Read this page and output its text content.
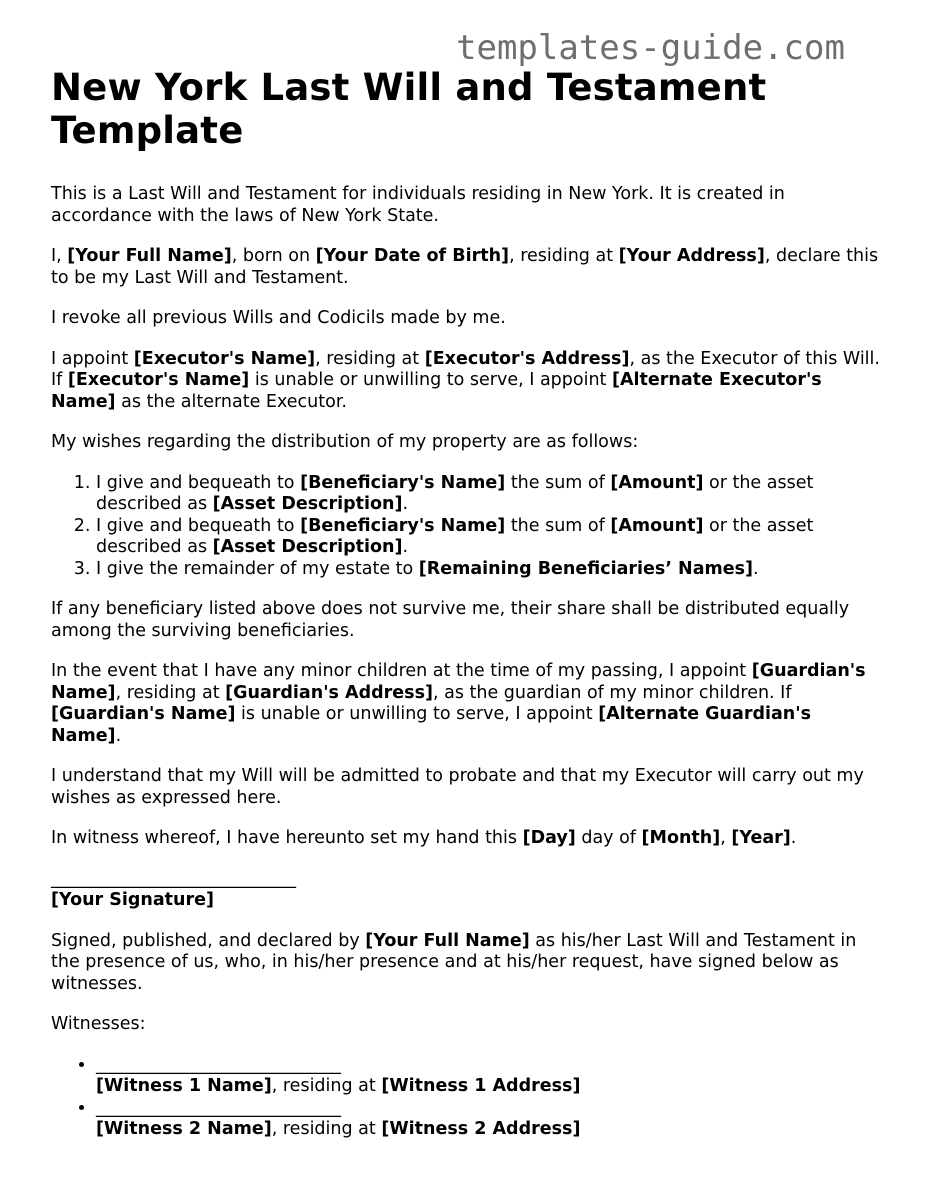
templates-guide.com
New York Last Will and Testament Template

This is a Last Will and Testament for individuals residing in New York. It is created in accordance with the laws of New York State.

I, [Your Full Name], born on [Your Date of Birth], residing at [Your Address], declare this to be my Last Will and Testament.

I revoke all previous Wills and Codicils made by me.

I appoint [Executor's Name], residing at [Executor's Address], as the Executor of this Will. If [Executor's Name] is unable or unwilling to serve, I appoint [Alternate Executor's Name] as the alternate Executor.

My wishes regarding the distribution of my property are as follows:

1. I give and bequeath to [Beneficiary's Name] the sum of [Amount] or the asset described as [Asset Description].
2. I give and bequeath to [Beneficiary's Name] the sum of [Amount] or the asset described as [Asset Description].
3. I give the remainder of my estate to [Remaining Beneficiaries’ Names].

If any beneficiary listed above does not survive me, their share shall be distributed equally among the surviving beneficiaries.

In the event that I have any minor children at the time of my passing, I appoint [Guardian's Name], residing at [Guardian's Address], as the guardian of my minor children. If [Guardian's Name] is unable or unwilling to serve, I appoint [Alternate Guardian's Name].

I understand that my Will will be admitted to probate and that my Executor will carry out my wishes as expressed here.

In witness whereof, I have hereunto set my hand this [Day] day of [Month], [Year].

____________________________
[Your Signature]

Signed, published, and declared by [Your Full Name] as his/her Last Will and Testament in the presence of us, who, in his/her presence and at his/her request, have signed below as witnesses.

Witnesses:

• ____________________________
[Witness 1 Name], residing at [Witness 1 Address]
• ____________________________
[Witness 2 Name], residing at [Witness 2 Address]
